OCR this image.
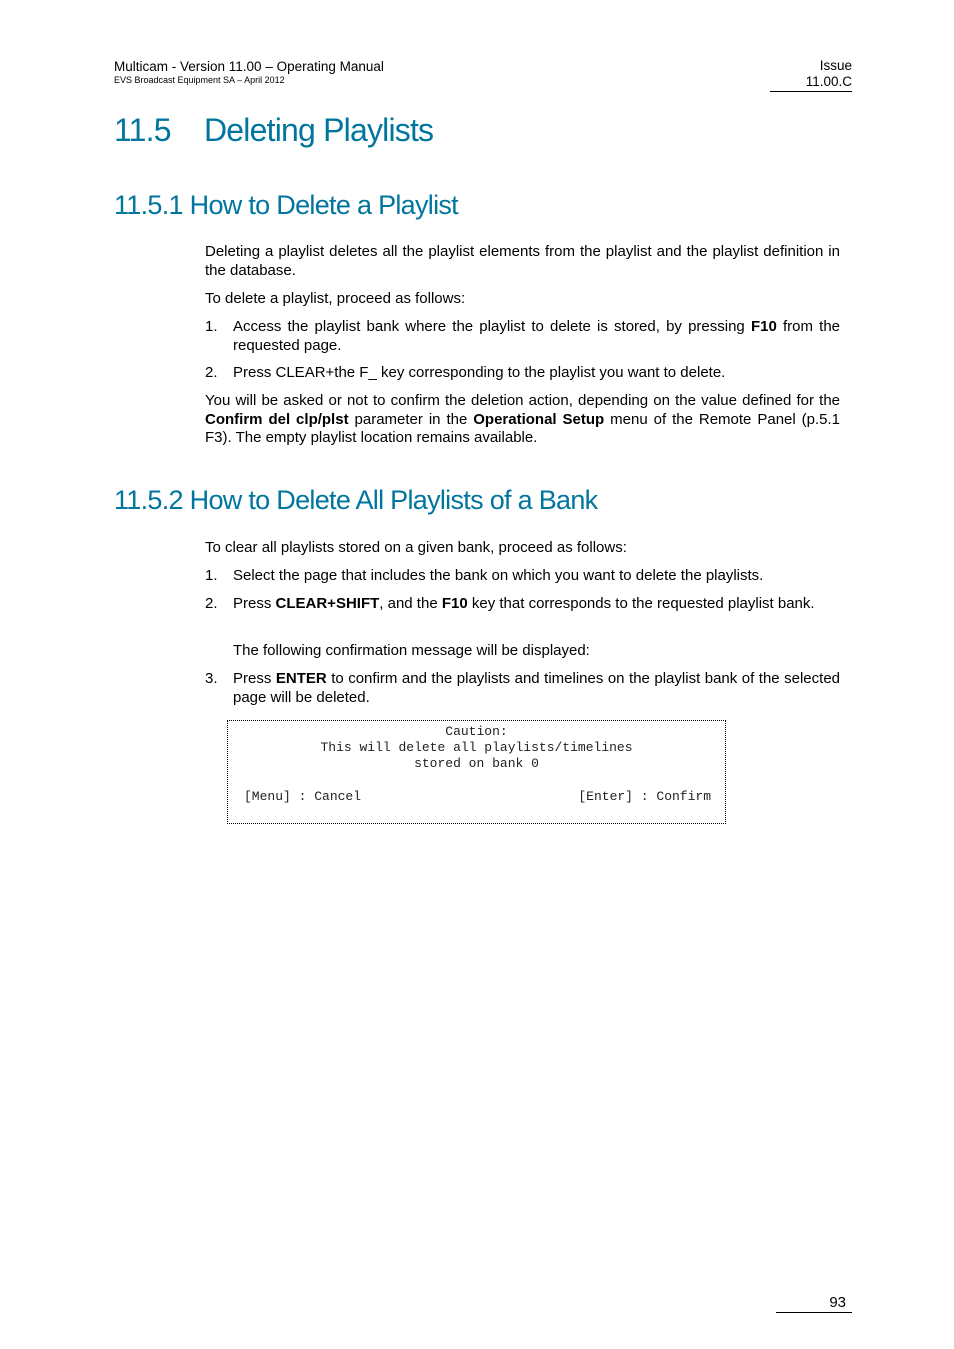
Multicam - Version 11.00 – Operating Manual
EVS Broadcast Equipment SA – April 2012
Issue
11.00.C
11.5 Deleting Playlists
11.5.1 How to Delete a Playlist
Deleting a playlist deletes all the playlist elements from the playlist and the playlist definition in the database.
To delete a playlist, proceed as follows:
1. Access the playlist bank where the playlist to delete is stored, by pressing F10 from the requested page.
2. Press CLEAR+the F_ key corresponding to the playlist you want to delete.
You will be asked or not to confirm the deletion action, depending on the value defined for the Confirm del clp/plst parameter in the Operational Setup menu of the Remote Panel (p.5.1 F3). The empty playlist location remains available.
11.5.2 How to Delete All Playlists of a Bank
To clear all playlists stored on a given bank, proceed as follows:
1. Select the page that includes the bank on which you want to delete the playlists.
2. Press CLEAR+SHIFT, and the F10 key that corresponds to the requested playlist bank.
The following confirmation message will be displayed:
3. Press ENTER to confirm and the playlists and timelines on the playlist bank of the selected page will be deleted.
Caution:
This will delete all playlists/timelines
stored on bank 0
[Menu] : Cancel	[Enter] : Confirm
93
